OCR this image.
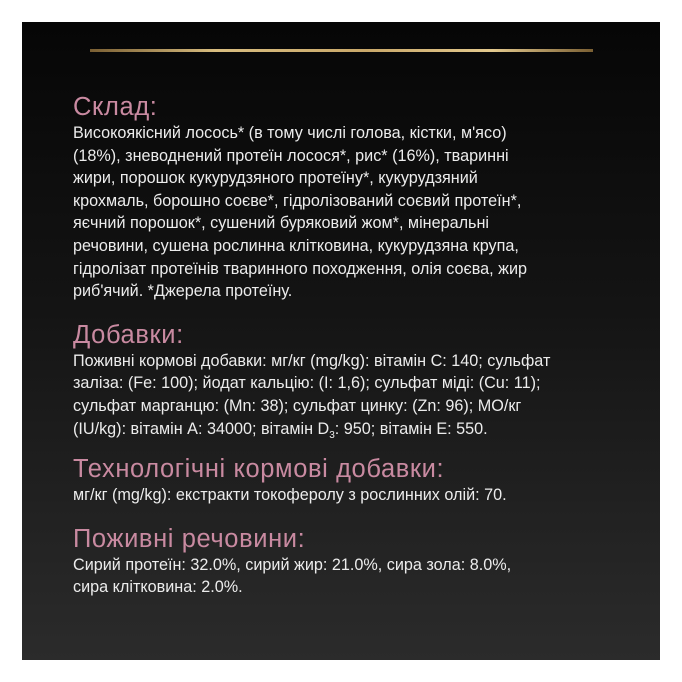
Склад:

Високоякісний лосось* (в тому числі голова, кістки, м'ясо)

(18%), зневоднений протеїн лосося*, рис* (16%), тваринні

жири, порошок кукурудзяного протеїну*, кукурудзяний

крохмаль, борошно соєве*, гідролізований соєвий протеїн*,

яєчний порошок*, сушений буряковий жом*, мінеральні

речовини, сушена рослинна клітковина, кукурудзяна крупа,

гідролізат протеїнів тваринного походження, олія соєва, жир

риб'ячий. *Джерела протеїну.

Добавки:

Поживні кормові добавки: мг/кг (mg/kg): вітамін С: 140; сульфат

заліза: (Fe: 100); йодат кальцію: (I: 1,6); сульфат міді: (Cu: 11);

сульфат марганцю: (Mn: 38); сульфат цинку: (Zn: 96); МО/кг

(IU/kg): вітамін А: 34000; вітамін $D_3$: 950; вітамін Е: 550.

Технологічні кормові добавки:

мг/кг (mg/kg): екстракти токоферолу з рослинних олій: 70.

Поживні речовини:

Сирий протеїн: 32.0%, сирий жир: 21.0%, сира зола: 8.0%,

сира клітковина: 2.0%.
